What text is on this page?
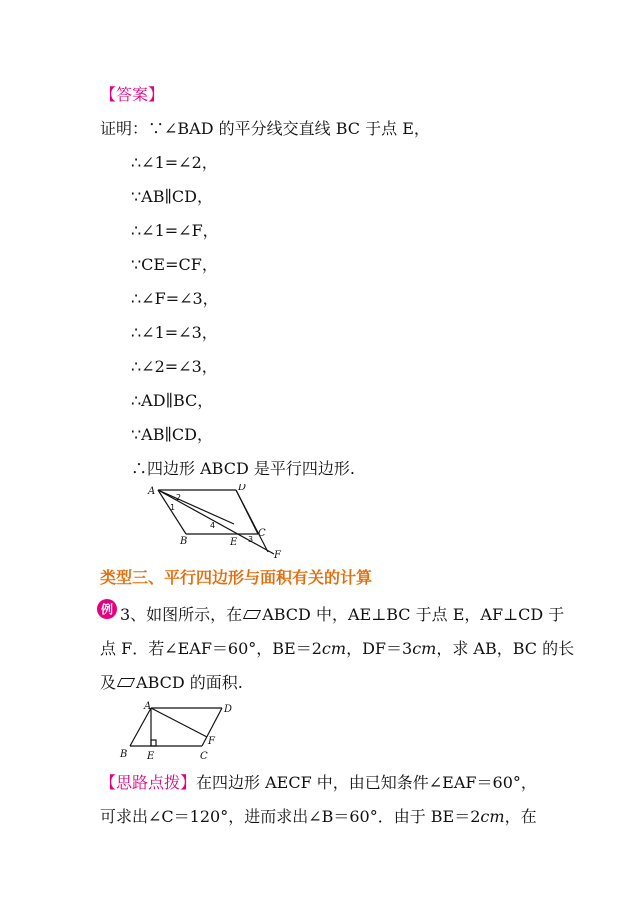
【答案】
证明：∵∠BAD 的平分线交直线 BC 于点 E，
∴∠1=∠2，
∵AB∥CD，
∴∠1=∠F，
∵CE=CF，
∴∠F=∠3，
∴∠1=∠3，
∴∠2=∠3，
∴AD∥BC，
∵AB∥CD，
∴四边形 ABCD 是平行四边形.
A	D
B
C
E
F
2
1
3
4
类型三、平行四边形与面积有关的计算
例 3、如图所示，在 ABCD 中，AE⊥BC 于点 E，AF⊥CD 于
点 F．若∠EAF＝60°，BE＝2cm，DF＝3cm，求 AB，BC 的长
及 ABCD 的面积.
A	D
B E	C
F
【思路点拨】在四边形 AECF 中，由已知条件∠EAF＝60°，
可求出∠C＝120°，进而求出∠B＝60°．由于 BE＝2cm，在
